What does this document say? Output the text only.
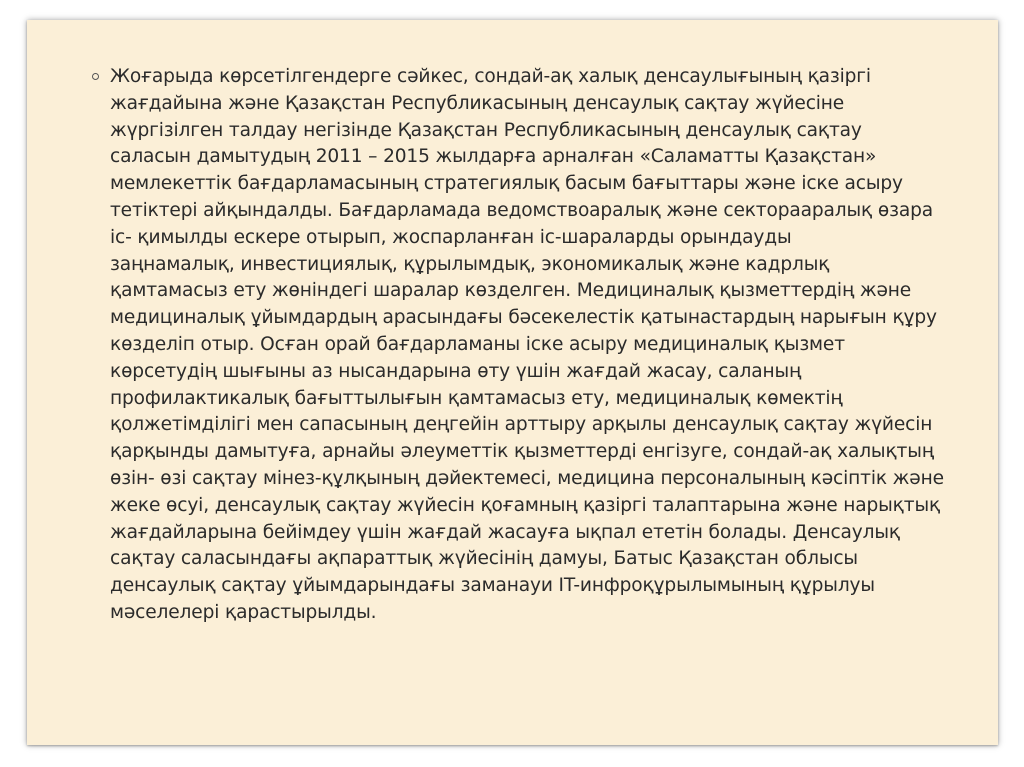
Жоғарыда көрсетілгендерге сәйкес, сондай-ақ халық денсаулығының қазіргі
жағдайына және Қазақстан Республикасының денсаулық сақтау жүйесіне
жүргізілген талдау негізінде Қазақстан Республикасының денсаулық сақтау
саласын дамытудың 2011 – 2015 жылдарға арналған «Саламатты Қазақстан»
мемлекеттік бағдарламасының стратегиялық басым бағыттары және іске асыру
тетіктері айқындалды. Бағдарламада ведомствоаралық және секторааралық өзара
іс- қимылды ескере отырып, жоспарланған іс-шараларды орындауды
заңнамалық, инвестициялық, құрылымдық, экономикалық және кадрлық
қамтамасыз ету жөніндегі шаралар көзделген. Медициналық қызметтердің және
медициналық ұйымдардың арасындағы бәсекелестік қатынастардың нарығын құру
көзделіп отыр. Осған орай бағдарламаны іске асыру медициналық қызмет
көрсетудің шығыны аз нысандарына өту үшін жағдай жасау, саланың
профилактикалық бағыттылығын қамтамасыз ету, медициналық көмектің
қолжетімділігі мен сапасының деңгейін арттыру арқылы денсаулық сақтау жүйесін
қарқынды дамытуға, арнайы әлеуметтік қызметтерді енгізуге, сондай-ақ халықтың
өзін- өзі сақтау мінез-құлқының дәйектемесі, медицина персоналының кәсіптік және
жеке өсуі, денсаулық сақтау жүйесін қоғамның қазіргі талаптарына және нарықтық
жағдайларына бейімдеу үшін жағдай жасауға ықпал ететін болады. Денсаулық
сақтау саласындағы ақпараттық жүйесінің дамуы, Батыс Қазақстан облысы
денсаулық сақтау ұйымдарындағы заманауи IT-инфроқұрылымының құрылуы
мәселелері қарастырылды.
